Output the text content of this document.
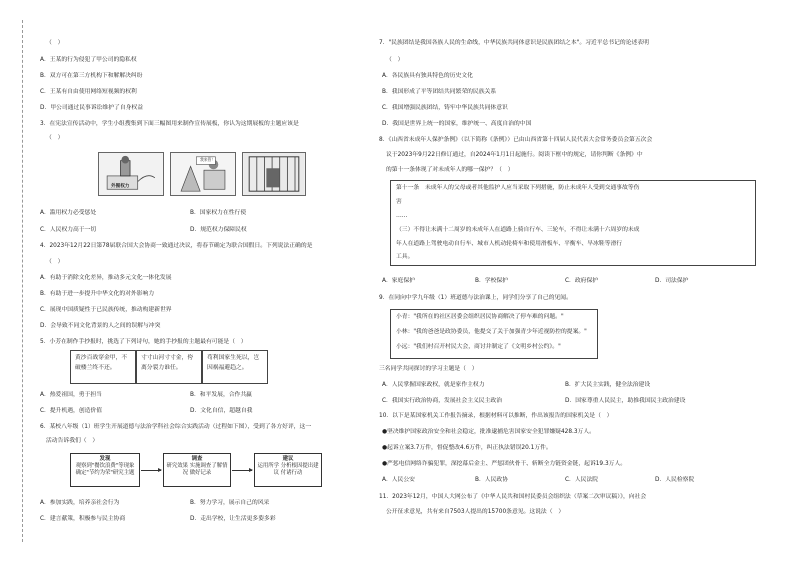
（　）
A．王某的行为侵犯了甲公司的隐私权
B．双方可在第三方机构下和解解决纠纷
C．王某有自由使用网络短视频的权利
D．甲公司通过民事诉讼维护了自身权益
3．在宪法宣传活动中，学生小组搜集到下面三幅图用来制作宣传展板，你认为这期展板的主题应该是
（　）
外围权力
我来管！
A．滥用权力必受惩处	B．国家权力在性行使
C．人民权力高于一切	D．规范权力保障民权
4．2023年12月22日第78届联合国大会协商一致通过决议，将春节确定为联合国假日。下列说法正确的是
（　）
A．有助于消除文化差异，推动多元文化一体化发展
B．有助于进一步提升中华文化的对外影响力
C．展现中国质疑性于已民族传统，推动构建新世界
D．会导致不同文化背景的人之间的误解与冲突
5．小芳在制作手抄报时，挑选了下列诗句，她的手抄报的主题最有可能是（　）
黄沙百战穿金甲，不破楼兰终不还。
寸寸山河寸寸金，侉离分裂力谁任。
苟利国家生死以，岂因祸福避趋之。
A．热爱祖国，勇于担当	B．和平发展，合作共赢
C．提升机遇，创造价值	D．文化自信，超越自我
6．某校八年级（1）班学生开展道德与法治学科社会综合实践活动（过程如下图），受到了各方好评，这一
活动告诉我们（　）
发现
观察到"餐饮浪费"等现象确定"节约为荣"研究主题
调查
研究效果 实施调查了解情况 做好记录
建议
运用所学 分析根因提出建议 付诸行动
A．参加实践，培养亲社会行为	B．努力学习，展示自己的风采
C．建言献策，积极参与民主协商	D．走出学校，让生活更多姿多彩
7．"民族团结是我国各族人民的生命线，中华民族共同体意识是民族团结之本"。习近平总书记的论述表明
（　）
A．各民族具有独具特色的历史文化
B．我国形成了平等团结共同繁荣的民族关系
C．我国增强民族团结，铸牢中华民族共同体意识
D．我国是世界上统一的国家，维护统一、高度自治的中国
8．《山西省未成年人保护条例》（以下简称《条例》）已由山西省第十四届人民代表大会常务委员会第五次会
议于2023年9月22日修订通过，自2024年1月1日起施行。阅读下框中的规定，请你判断《条例》中
的第十一条体现了对未成年人的哪一保护？（　）
第十一条　未成年人的父母或者其他监护人应当采取下列措施，防止未成年人受到交通事故等伤
害
……
（三）不得让未满十二周岁的未成年人在道路上骑自行车、三轮车，不得让未满十六周岁的未成
年人在道路上驾驶电动自行车、城市人机动轮椅车和使用滑板车、平衡车、旱冰鞋等滑行
工具。
A．家庭保护	B．学校保护	C．政府保护	D．司法保护
9．在同向中学九年级（1）班道德与法治课上，同学们分享了自己的见闻。
小青："我所在的社区居委会组织居民协商解决了停车难的问题。"
小林："我的爸爸是政协委员，他提交了关于加强青少年近视防控的提案。"
小远："我们村召开村民大会，商讨并制定了《文明乡村公约》。"
三名同学共同探讨的学习主题是（　）
A．人民掌握国家政权，就是家作主权力	B．扩大民主实践，健全法治建设
C．我国实行政治协商，发展社会主义民主政治	D．国家尊重人民民主，助推我国民主政治建设
10．以下是某国家机关工作报告摘录，根据材料可以推断，作出该报告的国家机关是（　）
●坚决维护国家政治安全和社会稳定，批准逮捕危害国家安全犯罪嫌疑428.3万人。
●起诉立案3.7万件，督促整改4.6万件，纠正执法错误20.1万件。
●严惩电信网络诈骗犯罪，深挖幕后金主、严惩团伙骨干、斩断全力链资金链，起诉19.3万人。
A．人民公安	B．人民政协	C．人民法院	D．人民检察院
11．2023年12月，中国人大网公布了《中华人民共和国村民委员会组织法（草案二次审议稿）》，向社会
公开征求意见，共有来自7503人提出的15700条意见。这说法（　）
